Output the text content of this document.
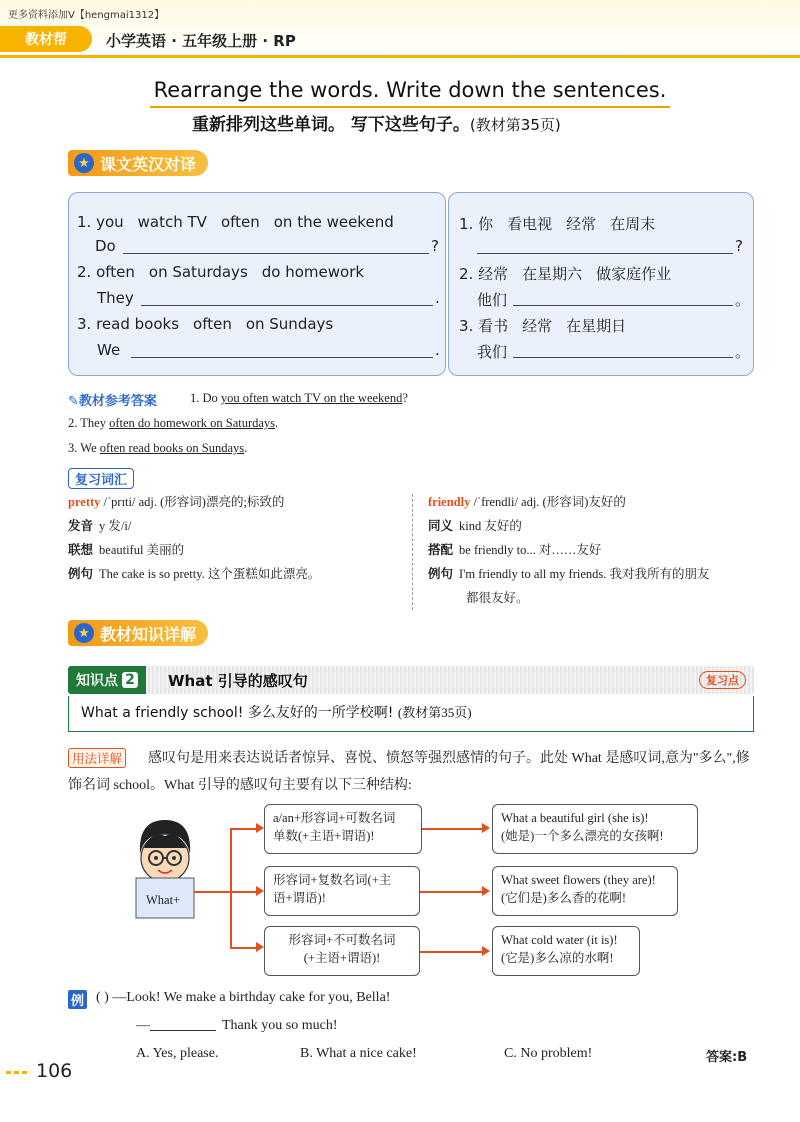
更多资料添加V【hengmai1312】
教材帮	小学英语 · 五年级上册 · RP
Rearrange the words. Write down the sentences.
重新排列这些单词。 写下这些句子。(教材第35页)
★ 课文英汉对译
1. you watch TV often on the weekend
Do	?
2. often on Saturdays do homework
They	.
3. read books often on Sundays
We	.
1. 你 看电视 经常 在周末
?
2. 经常 在星期六 做家庭作业
他们	。
3. 看书 经常 在星期日
我们	。
✎教材参考答案	1. Do you often watch TV on the weekend?
2. They often do homework on Saturdays.
3. We often read books on Sundays.
复习词汇
pretty /ˈprɪti/ adj. (形容词)漂亮的;标致的
发音 y 发/i/
联想 beautiful 美丽的
例句 The cake is so pretty. 这个蛋糕如此漂亮。
friendly /ˈfrendli/ adj. (形容词)友好的
同义 kind 友好的
搭配 be friendly to... 对……友好
例句 I'm friendly to all my friends. 我对我所有的朋友
都很友好。
★ 教材知识详解
知识点 2 What 引导的感叹句	复习点
What a friendly school! 多么友好的一所学校啊! (教材第35页)
感叹句是用来表达说话者惊异、喜悦、愤怒等强烈感情的句子。此处 What 是感叹词,意为"多么",修饰名词 school。What 引导的感叹句主要有以下三种结构:
用法详解
What+
a/an+形容词+可数名词
单数(+主语+谓语)!
形容词+复数名词(+主
语+谓语)!
形容词+不可数名词
(+主语+谓语)!
What a beautiful girl (she is)!
(她是)一个多么漂亮的女孩啊!
What sweet flowers (they are)!
(它们是)多么香的花啊!
What cold water (it is)!
(它是)多么凉的水啊!
例 ( ) —Look! We make a birthday cake for you, Bella!
—	Thank you so much!
A. Yes, please.	B. What a nice cake!	C. No problem!	答案:B
106
